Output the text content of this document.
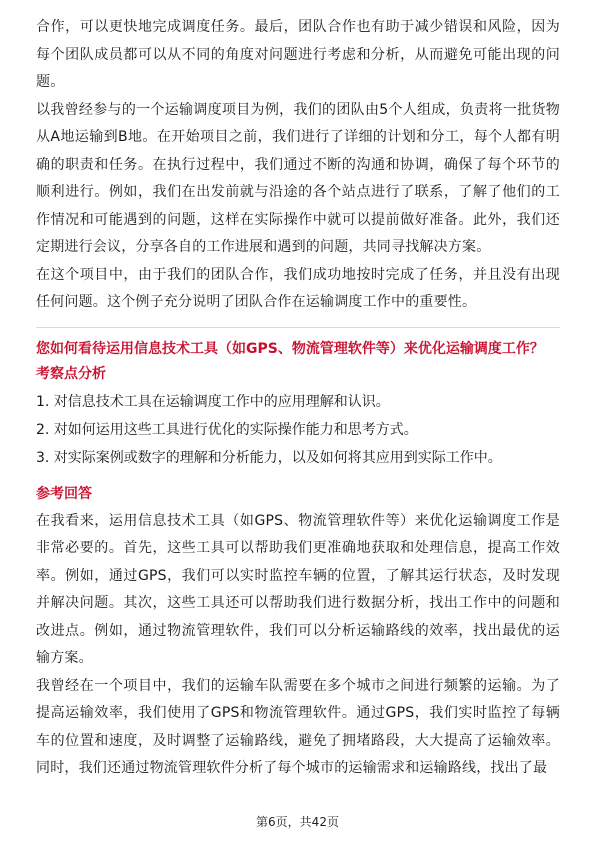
合作，可以更快地完成调度任务。最后，团队合作也有助于减少错误和风险，因为每个团队成员都可以从不同的角度对问题进行考虑和分析，从而避免可能出现的问题。

以我曾经参与的一个运输调度项目为例，我们的团队由5个人组成，负责将一批货物从A地运输到B地。在开始项目之前，我们进行了详细的计划和分工，每个人都有明确的职责和任务。在执行过程中，我们通过不断的沟通和协调，确保了每个环节的顺利进行。例如，我们在出发前就与沿途的各个站点进行了联系，了解了他们的工作情况和可能遇到的问题，这样在实际操作中就可以提前做好准备。此外，我们还定期进行会议，分享各自的工作进展和遇到的问题，共同寻找解决方案。

在这个项目中，由于我们的团队合作，我们成功地按时完成了任务，并且没有出现任何问题。这个例子充分说明了团队合作在运输调度工作中的重要性。

您如何看待运用信息技术工具（如GPS、物流管理软件等）来优化运输调度工作？

考察点分析

1. 对信息技术工具在运输调度工作中的应用理解和认识。

2. 对如何运用这些工具进行优化的实际操作能力和思考方式。

3. 对实际案例或数字的理解和分析能力，以及如何将其应用到实际工作中。

参考回答

在我看来，运用信息技术工具（如GPS、物流管理软件等）来优化运输调度工作是非常必要的。首先，这些工具可以帮助我们更准确地获取和处理信息，提高工作效率。例如，通过GPS，我们可以实时监控车辆的位置，了解其运行状态，及时发现并解决问题。其次，这些工具还可以帮助我们进行数据分析，找出工作中的问题和改进点。例如，通过物流管理软件，我们可以分析运输路线的效率，找出最优的运输方案。

我曾经在一个项目中，我们的运输车队需要在多个城市之间进行频繁的运输。为了提高运输效率，我们使用了GPS和物流管理软件。通过GPS，我们实时监控了每辆车的位置和速度，及时调整了运输路线，避免了拥堵路段，大大提高了运输效率。同时，我们还通过物流管理软件分析了每个城市的运输需求和运输路线，找出了最

第6页，共42页
